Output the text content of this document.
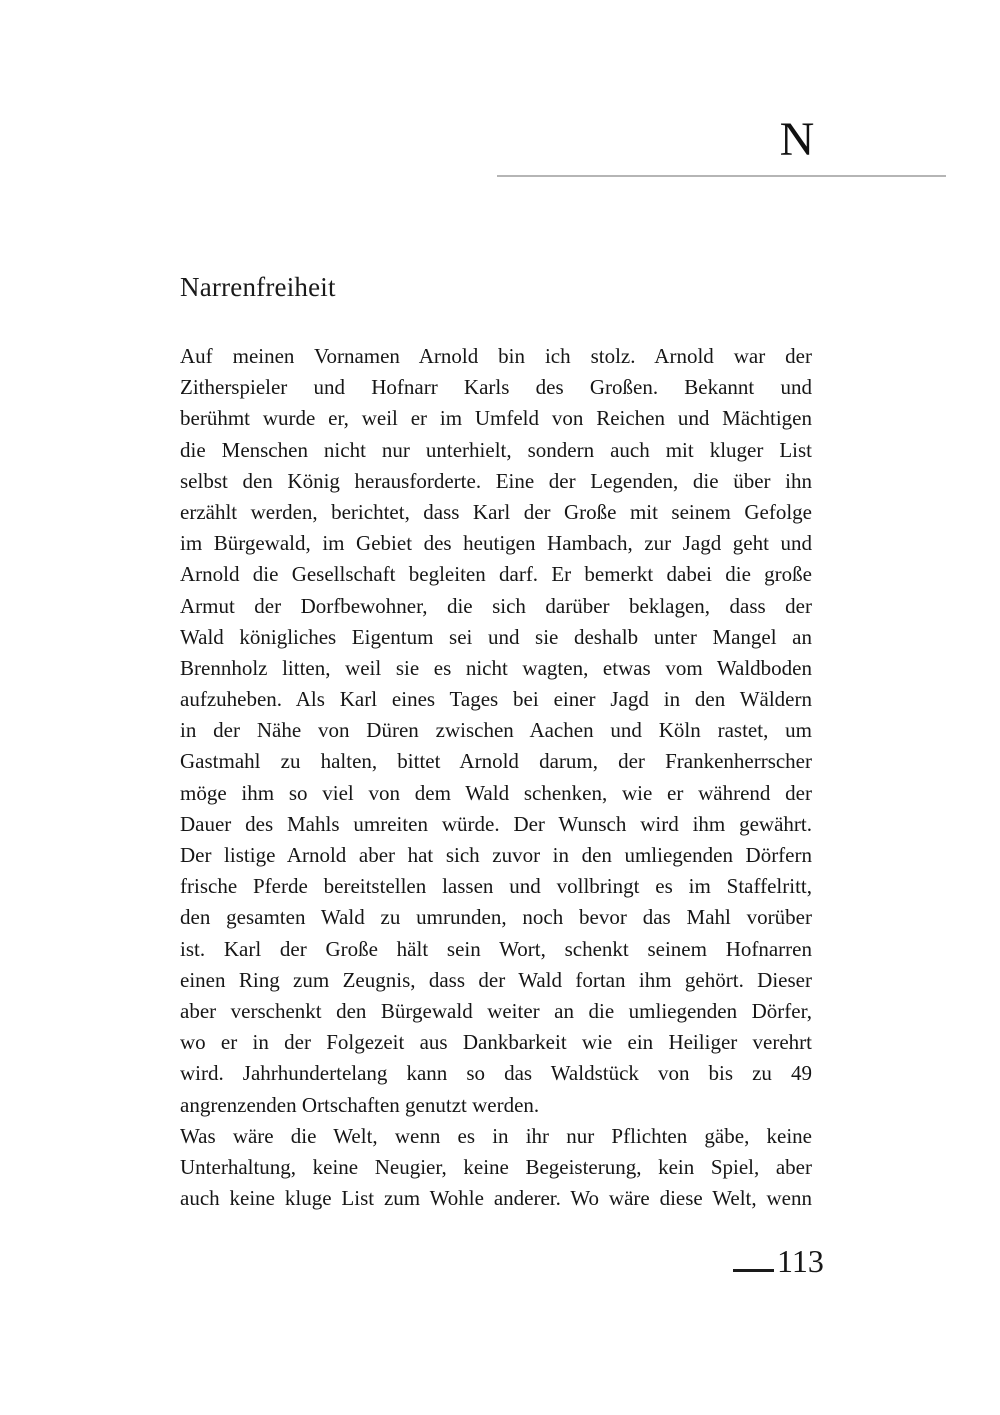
N
Narrenfreiheit
Auf meinen Vornamen Arnold bin ich stolz. Arnold war der
Zitherspieler und Hofnarr Karls des Großen. Bekannt und
berühmt wurde er, weil er im Umfeld von Reichen und Mächtigen
die Menschen nicht nur unterhielt, sondern auch mit kluger List
selbst den König herausforderte. Eine der Legenden, die über ihn
erzählt werden, berichtet, dass Karl der Große mit seinem Gefolge
im Bürgewald, im Gebiet des heutigen Hambach, zur Jagd geht und
Arnold die Gesellschaft begleiten darf. Er bemerkt dabei die große
Armut der Dorfbewohner, die sich darüber beklagen, dass der
Wald königliches Eigentum sei und sie deshalb unter Mangel an
Brennholz litten, weil sie es nicht wagten, etwas vom Waldboden
aufzuheben. Als Karl eines Tages bei einer Jagd in den Wäldern
in der Nähe von Düren zwischen Aachen und Köln rastet, um
Gastmahl zu halten, bittet Arnold darum, der Frankenherrscher
möge ihm so viel von dem Wald schenken, wie er während der
Dauer des Mahls umreiten würde. Der Wunsch wird ihm gewährt.
Der listige Arnold aber hat sich zuvor in den umliegenden Dörfern
frische Pferde bereitstellen lassen und vollbringt es im Staffelritt,
den gesamten Wald zu umrunden, noch bevor das Mahl vorüber
ist. Karl der Große hält sein Wort, schenkt seinem Hofnarren
einen Ring zum Zeugnis, dass der Wald fortan ihm gehört. Dieser
aber verschenkt den Bürgewald weiter an die umliegenden Dörfer,
wo er in der Folgezeit aus Dankbarkeit wie ein Heiliger verehrt
wird. Jahrhundertelang kann so das Waldstück von bis zu 49
angrenzenden Ortschaften genutzt werden.
Was wäre die Welt, wenn es in ihr nur Pflichten gäbe, keine
Unterhaltung, keine Neugier, keine Begeisterung, kein Spiel, aber
auch keine kluge List zum Wohle anderer. Wo wäre diese Welt, wenn
113
